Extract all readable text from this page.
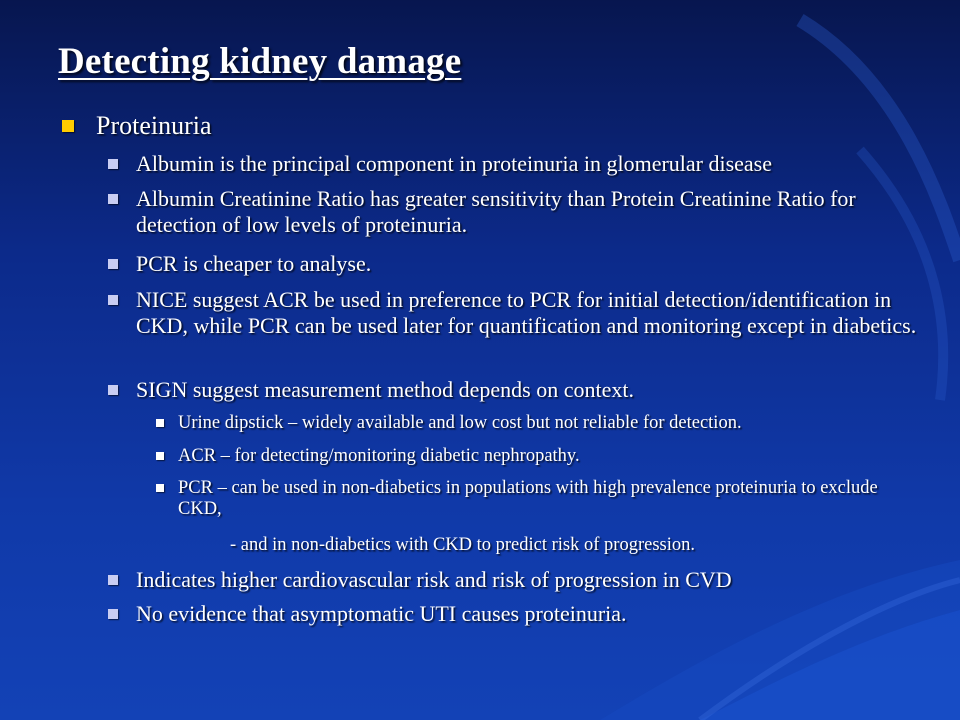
Detecting kidney damage
Proteinuria
Albumin is the principal component in proteinuria in glomerular disease
Albumin Creatinine Ratio has greater sensitivity than Protein Creatinine Ratio for detection of low levels of proteinuria.
PCR is cheaper to analyse.
NICE suggest ACR be used in preference to PCR for initial detection/identification in CKD, while PCR can be used later for quantification and monitoring except in diabetics.
SIGN suggest measurement method depends on context.
Urine dipstick – widely available and low cost but not reliable for detection.
ACR – for detecting/monitoring diabetic nephropathy.
PCR – can be used in non-diabetics in populations with high prevalence proteinuria to exclude CKD,
- and in non-diabetics with CKD to predict risk of progression.
Indicates higher cardiovascular risk and risk of progression in CVD
No evidence that asymptomatic UTI causes proteinuria.
